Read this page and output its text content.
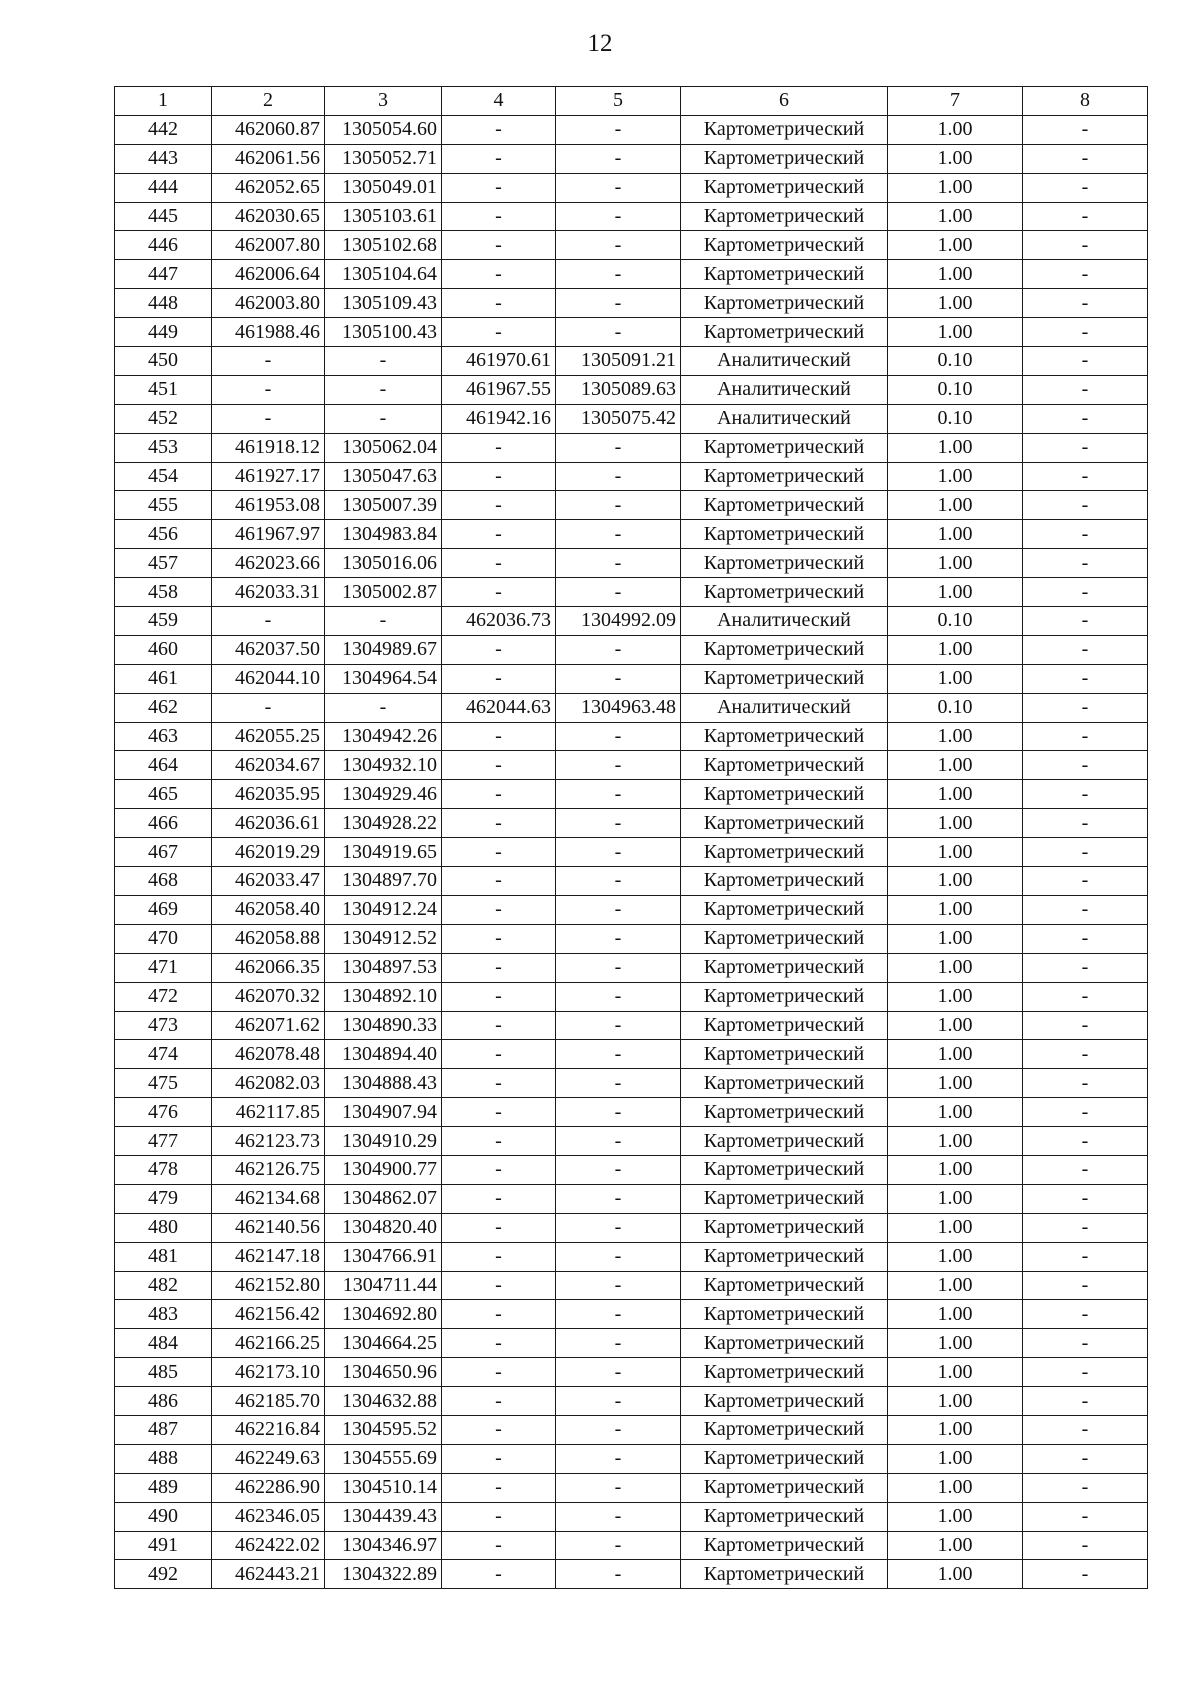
12
1	2	3	4	5	6	7	8
442	462060.87	1305054.60	-	-	Картометрический	1.00	-
443	462061.56	1305052.71	-	-	Картометрический	1.00	-
444	462052.65	1305049.01	-	-	Картометрический	1.00	-
445	462030.65	1305103.61	-	-	Картометрический	1.00	-
446	462007.80	1305102.68	-	-	Картометрический	1.00	-
447	462006.64	1305104.64	-	-	Картометрический	1.00	-
448	462003.80	1305109.43	-	-	Картометрический	1.00	-
449	461988.46	1305100.43	-	-	Картометрический	1.00	-
450	-	-	461970.61	1305091.21	Аналитический	0.10	-
451	-	-	461967.55	1305089.63	Аналитический	0.10	-
452	-	-	461942.16	1305075.42	Аналитический	0.10	-
453	461918.12	1305062.04	-	-	Картометрический	1.00	-
454	461927.17	1305047.63	-	-	Картометрический	1.00	-
455	461953.08	1305007.39	-	-	Картометрический	1.00	-
456	461967.97	1304983.84	-	-	Картометрический	1.00	-
457	462023.66	1305016.06	-	-	Картометрический	1.00	-
458	462033.31	1305002.87	-	-	Картометрический	1.00	-
459	-	-	462036.73	1304992.09	Аналитический	0.10	-
460	462037.50	1304989.67	-	-	Картометрический	1.00	-
461	462044.10	1304964.54	-	-	Картометрический	1.00	-
462	-	-	462044.63	1304963.48	Аналитический	0.10	-
463	462055.25	1304942.26	-	-	Картометрический	1.00	-
464	462034.67	1304932.10	-	-	Картометрический	1.00	-
465	462035.95	1304929.46	-	-	Картометрический	1.00	-
466	462036.61	1304928.22	-	-	Картометрический	1.00	-
467	462019.29	1304919.65	-	-	Картометрический	1.00	-
468	462033.47	1304897.70	-	-	Картометрический	1.00	-
469	462058.40	1304912.24	-	-	Картометрический	1.00	-
470	462058.88	1304912.52	-	-	Картометрический	1.00	-
471	462066.35	1304897.53	-	-	Картометрический	1.00	-
472	462070.32	1304892.10	-	-	Картометрический	1.00	-
473	462071.62	1304890.33	-	-	Картометрический	1.00	-
474	462078.48	1304894.40	-	-	Картометрический	1.00	-
475	462082.03	1304888.43	-	-	Картометрический	1.00	-
476	462117.85	1304907.94	-	-	Картометрический	1.00	-
477	462123.73	1304910.29	-	-	Картометрический	1.00	-
478	462126.75	1304900.77	-	-	Картометрический	1.00	-
479	462134.68	1304862.07	-	-	Картометрический	1.00	-
480	462140.56	1304820.40	-	-	Картометрический	1.00	-
481	462147.18	1304766.91	-	-	Картометрический	1.00	-
482	462152.80	1304711.44	-	-	Картометрический	1.00	-
483	462156.42	1304692.80	-	-	Картометрический	1.00	-
484	462166.25	1304664.25	-	-	Картометрический	1.00	-
485	462173.10	1304650.96	-	-	Картометрический	1.00	-
486	462185.70	1304632.88	-	-	Картометрический	1.00	-
487	462216.84	1304595.52	-	-	Картометрический	1.00	-
488	462249.63	1304555.69	-	-	Картометрический	1.00	-
489	462286.90	1304510.14	-	-	Картометрический	1.00	-
490	462346.05	1304439.43	-	-	Картометрический	1.00	-
491	462422.02	1304346.97	-	-	Картометрический	1.00	-
492	462443.21	1304322.89	-	-	Картометрический	1.00	-
